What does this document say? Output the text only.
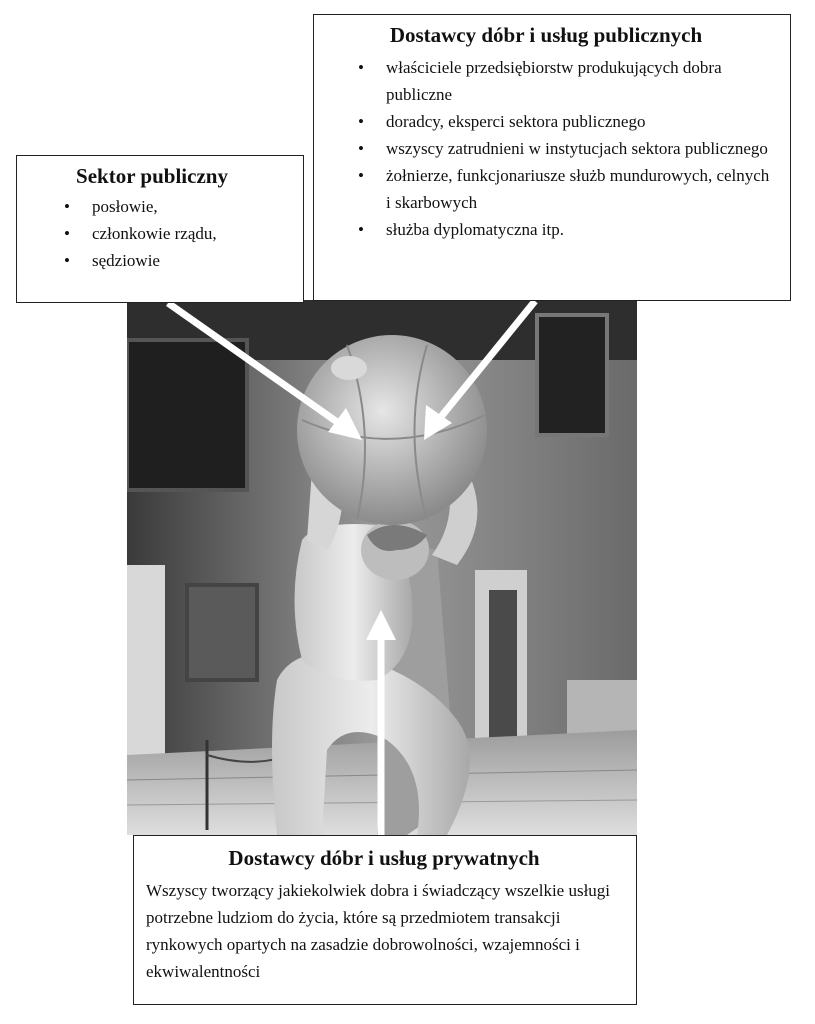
Sektor publiczny
• posłowie,
• członkowie rządu,
• sędziowie
Dostawcy dóbr i usług publicznych
• właściciele przedsiębiorstw produkujących dobra publiczne
• doradcy, eksperci sektora publicznego
• wszyscy zatrudnieni w instytucjach sektora publicznego
• żołnierze, funkcjonariusze służb mundurowych, celnych i skarbowych
• służba dyplomatyczna itp.
Dostawcy dóbr i usług prywatnych

Wszyscy tworzący jakiekolwiek dobra i świadczący wszelkie usługi potrzebne ludziom do życia, które są przedmiotem transakcji rynkowych opartych na zasadzie dobrowolności, wzajemności i ekwiwalentności
